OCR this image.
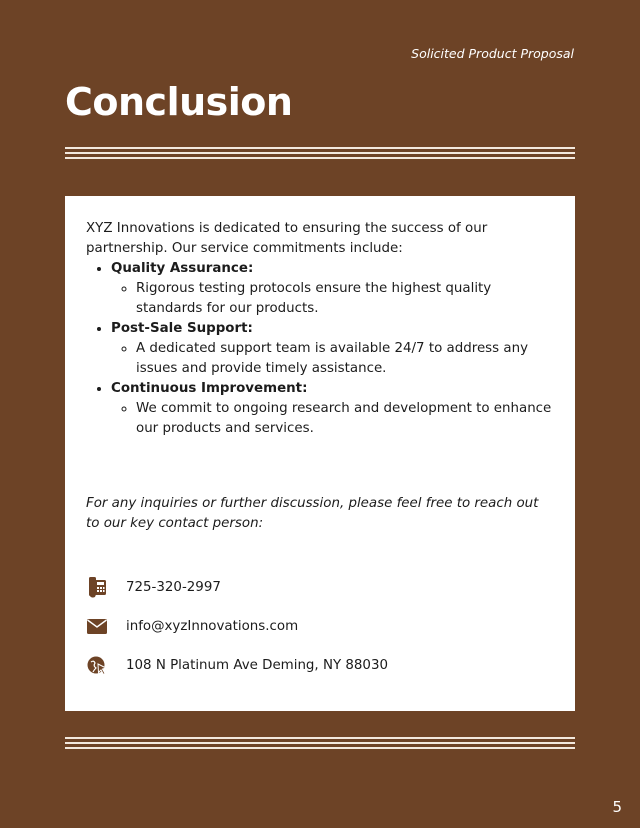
Solicited Product Proposal
Conclusion

XYZ Innovations is dedicated to ensuring the success of our partnership. Our service commitments include:

• Quality Assurance:
◦ Rigorous testing protocols ensure the highest quality standards for our products.
• Post-Sale Support:
◦ A dedicated support team is available 24/7 to address any issues and provide timely assistance.
• Continuous Improvement:
◦ We commit to ongoing research and development to enhance our products and services.

For any inquiries or further discussion, please feel free to reach out to our key contact person:

725-320-2997
info@xyzInnovations.com
108 N Platinum Ave Deming, NY 88030
5
